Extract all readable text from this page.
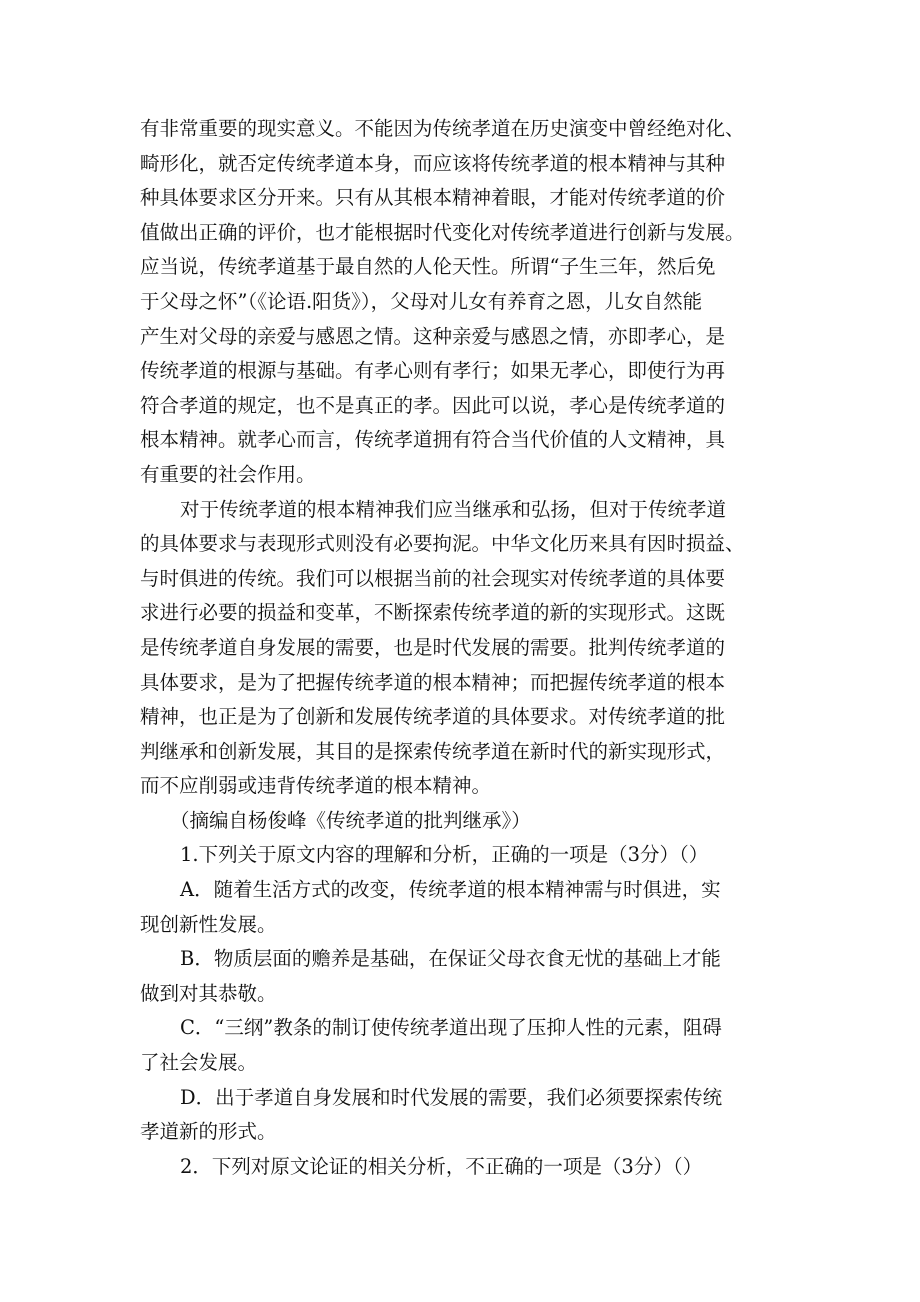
有非常重要的现实意义。不能因为传统孝道在历史演变中曾经绝对化、
畸形化，就否定传统孝道本身，而应该将传统孝道的根本精神与其种
种具体要求区分开来。只有从其根本精神着眼，才能对传统孝道的价
值做出正确的评价，也才能根据时代变化对传统孝道进行创新与发展。
应当说，传统孝道基于最自然的人伦天性。所谓“子生三年，然后免
于父母之怀”（《论语.阳货》），父母对儿女有养育之恩，儿女自然能
产生对父母的亲爱与感恩之情。这种亲爱与感恩之情，亦即孝心，是
传统孝道的根源与基础。有孝心则有孝行；如果无孝心，即使行为再
符合孝道的规定，也不是真正的孝。因此可以说，孝心是传统孝道的
根本精神。就孝心而言，传统孝道拥有符合当代价值的人文精神，具
有重要的社会作用。
对于传统孝道的根本精神我们应当继承和弘扬，但对于传统孝道
的具体要求与表现形式则没有必要拘泥。中华文化历来具有因时损益、
与时俱进的传统。我们可以根据当前的社会现实对传统孝道的具体要
求进行必要的损益和变革，不断探索传统孝道的新的实现形式。这既
是传统孝道自身发展的需要，也是时代发展的需要。批判传统孝道的
具体要求，是为了把握传统孝道的根本精神；而把握传统孝道的根本
精神，也正是为了创新和发展传统孝道的具体要求。对传统孝道的批
判继承和创新发展，其目的是探索传统孝道在新时代的新实现形式，
而不应削弱或违背传统孝道的根本精神。
（摘编自杨俊峰《传统孝道的批判继承》）
1.下列关于原文内容的理解和分析，正确的一项是（3分）（）
A．随着生活方式的改变，传统孝道的根本精神需与时俱进，实
现创新性发展。
B．物质层面的赡养是基础，在保证父母衣食无忧的基础上才能
做到对其恭敬。
C．“三纲”教条的制订使传统孝道出现了压抑人性的元素，阻碍
了社会发展。
D．出于孝道自身发展和时代发展的需要，我们必须要探索传统
孝道新的形式。
2．下列对原文论证的相关分析，不正确的一项是（3分）（）
